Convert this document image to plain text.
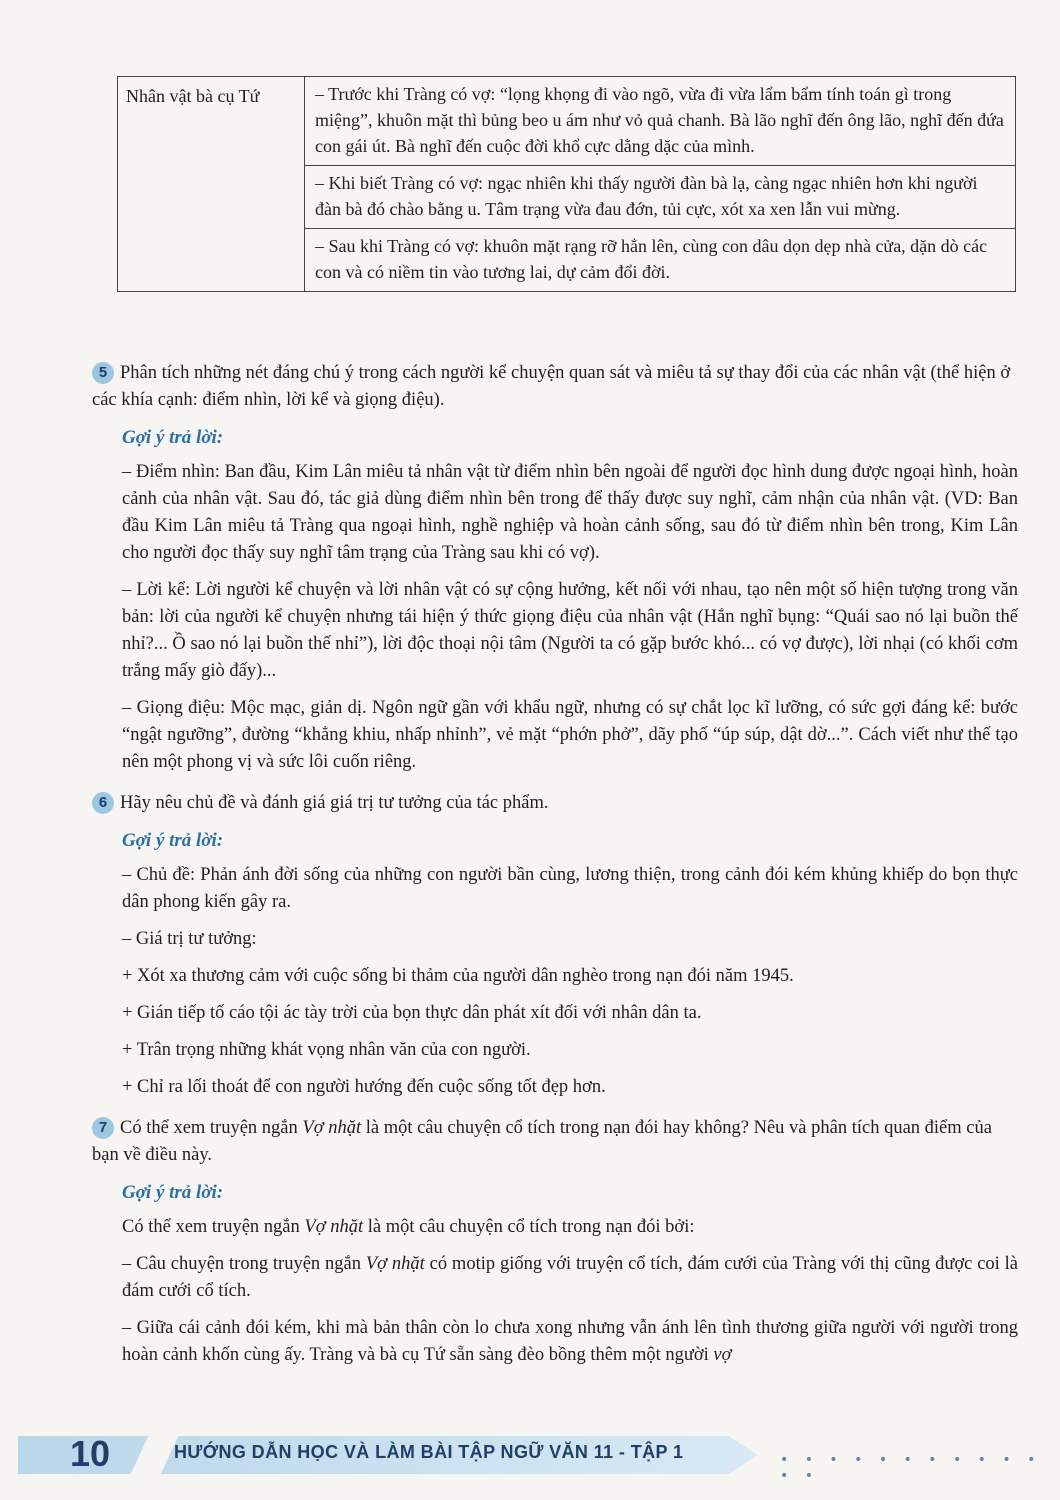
Nhân vật bà cụ Tứ	– Trước khi Tràng có vợ: “lọng khọng đi vào ngõ, vừa đi vừa lẩm bẩm tính toán gì trong miệng”, khuôn mặt thì bủng beo u ám như vỏ quả chanh. Bà lão nghĩ đến ông lão, nghĩ đến đứa con gái út. Bà nghĩ đến cuộc đời khổ cực dằng dặc của mình.
– Khi biết Tràng có vợ: ngạc nhiên khi thấy người đàn bà lạ, càng ngạc nhiên hơn khi người đàn bà đó chào bằng u. Tâm trạng vừa đau đớn, tủi cực, xót xa xen lẫn vui mừng.
– Sau khi Tràng có vợ: khuôn mặt rạng rỡ hẳn lên, cùng con dâu dọn dẹp nhà cửa, dặn dò các con và có niềm tin vào tương lai, dự cảm đổi đời.

5 Phân tích những nét đáng chú ý trong cách người kể chuyện quan sát và miêu tả sự thay đổi của các nhân vật (thể hiện ở các khía cạnh: điểm nhìn, lời kể và giọng điệu).

Gợi ý trả lời:

– Điểm nhìn: Ban đầu, Kim Lân miêu tả nhân vật từ điểm nhìn bên ngoài để người đọc hình dung được ngoại hình, hoàn cảnh của nhân vật. Sau đó, tác giả dùng điểm nhìn bên trong để thấy được suy nghĩ, cảm nhận của nhân vật. (VD: Ban đầu Kim Lân miêu tả Tràng qua ngoại hình, nghề nghiệp và hoàn cảnh sống, sau đó từ điểm nhìn bên trong, Kim Lân cho người đọc thấy suy nghĩ tâm trạng của Tràng sau khi có vợ).

– Lời kể: Lời người kể chuyện và lời nhân vật có sự cộng hưởng, kết nối với nhau, tạo nên một số hiện tượng trong văn bản: lời của người kể chuyện nhưng tái hiện ý thức giọng điệu của nhân vật (Hắn nghĩ bụng: “Quái sao nó lại buồn thế nhỉ?... Ồ sao nó lại buồn thế nhỉ”), lời độc thoại nội tâm (Người ta có gặp bước khó... có vợ được), lời nhại (có khối cơm trắng mấy giò đấy)...

– Giọng điệu: Mộc mạc, giản dị. Ngôn ngữ gần với khẩu ngữ, nhưng có sự chắt lọc kĩ lưỡng, có sức gợi đáng kể: bước “ngật ngưỡng”, đường “khẳng khiu, nhấp nhỉnh”, vẻ mặt “phớn phở”, dãy phố “úp súp, dật dờ...”. Cách viết như thế tạo nên một phong vị và sức lôi cuốn riêng.

6 Hãy nêu chủ đề và đánh giá giá trị tư tưởng của tác phẩm.

Gợi ý trả lời:

– Chủ đề: Phản ánh đời sống của những con người bần cùng, lương thiện, trong cảnh đói kém khủng khiếp do bọn thực dân phong kiến gây ra.

– Giá trị tư tưởng:

+ Xót xa thương cảm với cuộc sống bi thảm của người dân nghèo trong nạn đói năm 1945.

+ Gián tiếp tố cáo tội ác tày trời của bọn thực dân phát xít đối với nhân dân ta.

+ Trân trọng những khát vọng nhân văn của con người.

+ Chỉ ra lối thoát để con người hướng đến cuộc sống tốt đẹp hơn.

7 Có thể xem truyện ngắn Vợ nhặt là một câu chuyện cổ tích trong nạn đói hay không? Nêu và phân tích quan điểm của bạn về điều này.

Gợi ý trả lời:

Có thể xem truyện ngắn Vợ nhặt là một câu chuyện cổ tích trong nạn đói bởi:

– Câu chuyện trong truyện ngắn Vợ nhặt có motip giống với truyện cổ tích, đám cưới của Tràng với thị cũng được coi là đám cưới cổ tích.

– Giữa cái cảnh đói kém, khi mà bản thân còn lo chưa xong nhưng vẫn ánh lên tình thương giữa người với người trong hoàn cảnh khốn cùng ấy. Tràng và bà cụ Tứ sẵn sàng đèo bồng thêm một người vợ

10	HƯỚNG DẪN HỌC VÀ LÀM BÀI TẬP NGỮ VĂN 11 - TẬP 1	• • • • • • • • • • • • •
